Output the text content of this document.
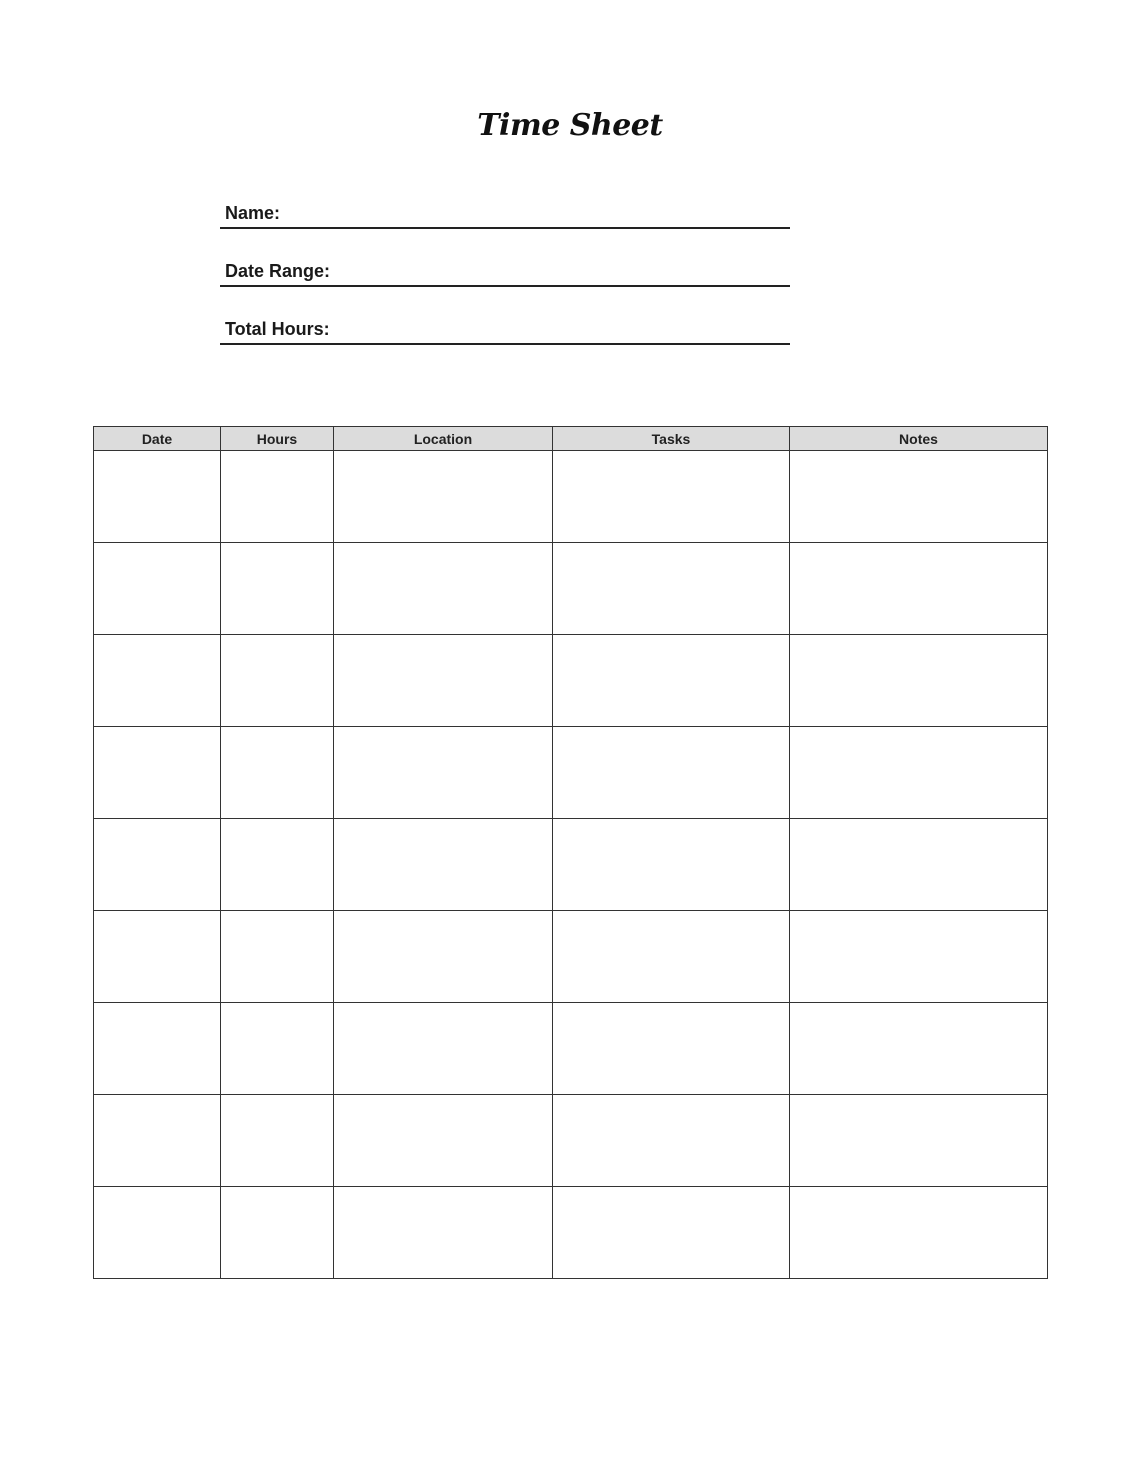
Time Sheet
Name:
Date Range:
Total Hours:
Date	Hours	Location	Tasks	Notes
